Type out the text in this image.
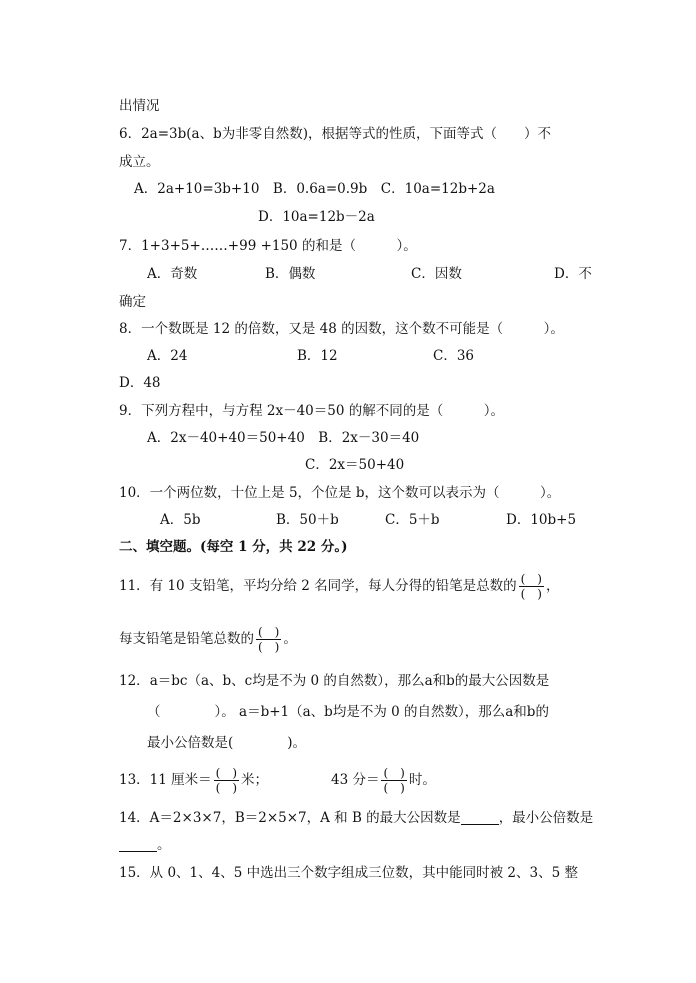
出情况
6．2a=3b(a、b为非零自然数)，根据等式的性质，下面等式（　　）不
成立。
A．2a+10=3b+10　B．0.6a=0.9b　C．10a=12b+2a
D．10a=12b－2a
7．1+3+5+……+99 +150 的和是（　　　）。
A．奇数	B．偶数	C．因数	D．不
确定
8．一个数既是 12 的倍数，又是 48 的因数，这个数不可能是（　　　）。
A．24	B．12	C．36
D．48
9．下列方程中，与方程 2x－40＝50 的解不同的是（　　　）。
A．2x－40+40＝50+40　B．2x－30＝40
C．2x＝50+40
10．一个两位数，十位上是 5，个位是 b，这个数可以表示为（　　　）。
A．5b	B．50＋b	C．5＋b	D．10b+5
二、填空题。(每空 1 分，共 22 分。)
11．有 10 支铅笔，平均分给 2 名同学，每人分得的铅笔是总数的 $\frac{( )}{( )}$ ，
每支铅笔是铅笔总数的 $\frac{( )}{( )}$ 。
12．a＝bc（a、b、c均是不为 0 的自然数），那么a和b的最大公因数是
（　　　　）。 a＝b+1（a、b均是不为 0 的自然数），那么a和b的
最小公倍数是(　　　　)。
13．11 厘米＝ $\frac{( )}{( )}$ 米；	43 分＝ $\frac{( )}{( )}$ 时。
14．A＝2×3×7，B＝2×5×7，A 和 B 的最大公因数是	，最小公倍数是
。
15．从 0、1、4、5 中选出三个数字组成三位数，其中能同时被 2、3、5 整
